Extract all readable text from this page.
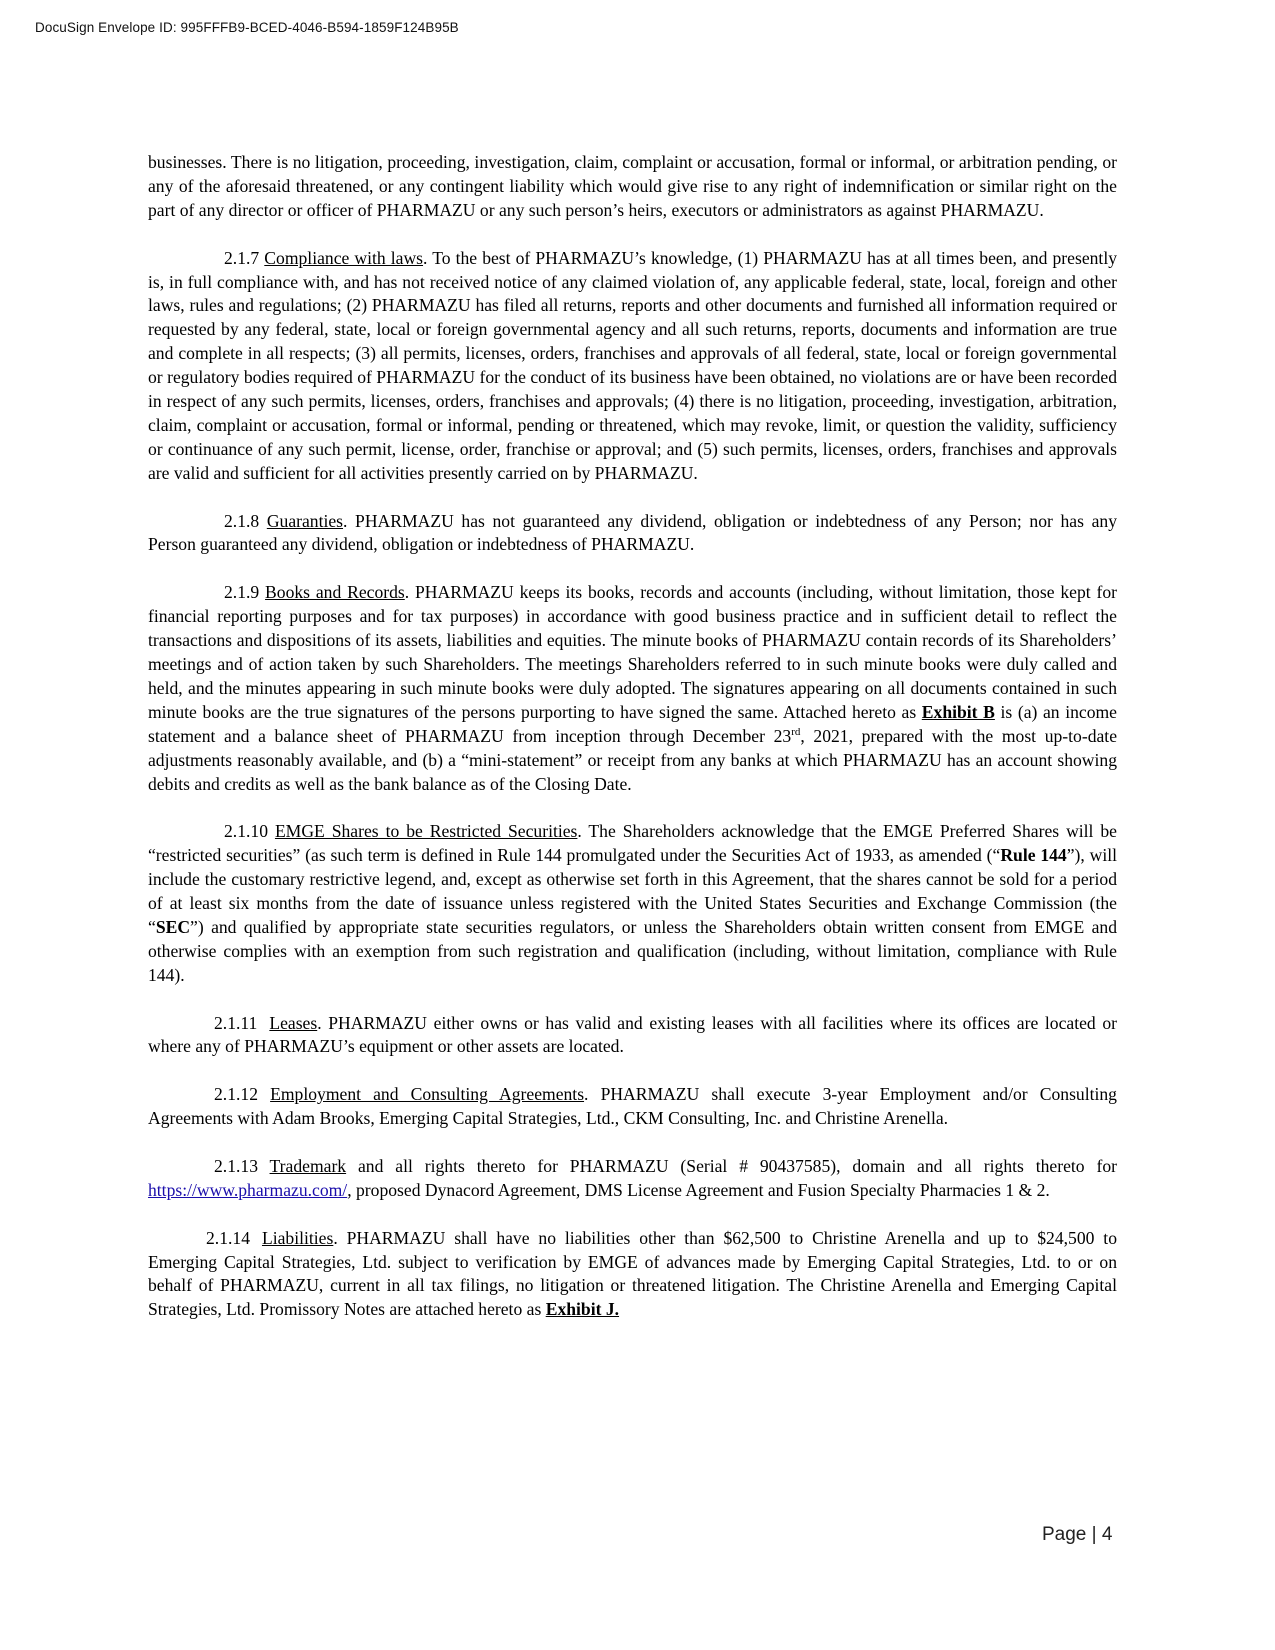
DocuSign Envelope ID: 995FFFB9-BCED-4046-B594-1859F124B95B

businesses. There is no litigation, proceeding, investigation, claim, complaint or accusation, formal or informal, or arbitration pending, or any of the aforesaid threatened, or any contingent liability which would give rise to any right of indemnification or similar right on the part of any director or officer of PHARMAZU or any such person’s heirs, executors or administrators as against PHARMAZU.

2.1.7 Compliance with laws. To the best of PHARMAZU’s knowledge, (1) PHARMAZU has at all times been, and presently is, in full compliance with, and has not received notice of any claimed violation of, any applicable federal, state, local, foreign and other laws, rules and regulations; (2) PHARMAZU has filed all returns, reports and other documents and furnished all information required or requested by any federal, state, local or foreign governmental agency and all such returns, reports, documents and information are true and complete in all respects; (3) all permits, licenses, orders, franchises and approvals of all federal, state, local or foreign governmental or regulatory bodies required of PHARMAZU for the conduct of its business have been obtained, no violations are or have been recorded in respect of any such permits, licenses, orders, franchises and approvals; (4) there is no litigation, proceeding, investigation, arbitration, claim, complaint or accusation, formal or informal, pending or threatened, which may revoke, limit, or question the validity, sufficiency or continuance of any such permit, license, order, franchise or approval; and (5) such permits, licenses, orders, franchises and approvals are valid and sufficient for all activities presently carried on by PHARMAZU.

2.1.8 Guaranties. PHARMAZU has not guaranteed any dividend, obligation or indebtedness of any Person; nor has any Person guaranteed any dividend, obligation or indebtedness of PHARMAZU.

2.1.9 Books and Records. PHARMAZU keeps its books, records and accounts (including, without limitation, those kept for financial reporting purposes and for tax purposes) in accordance with good business practice and in sufficient detail to reflect the transactions and dispositions of its assets, liabilities and equities. The minute books of PHARMAZU contain records of its Shareholders’ meetings and of action taken by such Shareholders. The meetings Shareholders referred to in such minute books were duly called and held, and the minutes appearing in such minute books were duly adopted. The signatures appearing on all documents contained in such minute books are the true signatures of the persons purporting to have signed the same. Attached hereto as Exhibit B is (a) an income statement and a balance sheet of PHARMAZU from inception through December 23rd, 2021, prepared with the most up-to-date adjustments reasonably available, and (b) a “mini-statement” or receipt from any banks at which PHARMAZU has an account showing debits and credits as well as the bank balance as of the Closing Date.

2.1.10 EMGE Shares to be Restricted Securities. The Shareholders acknowledge that the EMGE Preferred Shares will be “restricted securities” (as such term is defined in Rule 144 promulgated under the Securities Act of 1933, as amended (“Rule 144”), will include the customary restrictive legend, and, except as otherwise set forth in this Agreement, that the shares cannot be sold for a period of at least six months from the date of issuance unless registered with the United States Securities and Exchange Commission (the “SEC”) and qualified by appropriate state securities regulators, or unless the Shareholders obtain written consent from EMGE and otherwise complies with an exemption from such registration and qualification (including, without limitation, compliance with Rule 144).

2.1.11 Leases. PHARMAZU either owns or has valid and existing leases with all facilities where its offices are located or where any of PHARMAZU’s equipment or other assets are located.

2.1.12 Employment and Consulting Agreements. PHARMAZU shall execute 3-year Employment and/or Consulting Agreements with Adam Brooks, Emerging Capital Strategies, Ltd., CKM Consulting, Inc. and Christine Arenella.

2.1.13 Trademark and all rights thereto for PHARMAZU (Serial # 90437585), domain and all rights thereto for https://www.pharmazu.com/, proposed Dynacord Agreement, DMS License Agreement and Fusion Specialty Pharmacies 1 & 2.

2.1.14 Liabilities. PHARMAZU shall have no liabilities other than $62,500 to Christine Arenella and up to $24,500 to Emerging Capital Strategies, Ltd. subject to verification by EMGE of advances made by Emerging Capital Strategies, Ltd. to or on behalf of PHARMAZU, current in all tax filings, no litigation or threatened litigation. The Christine Arenella and Emerging Capital Strategies, Ltd. Promissory Notes are attached hereto as Exhibit J.

Page | 4
